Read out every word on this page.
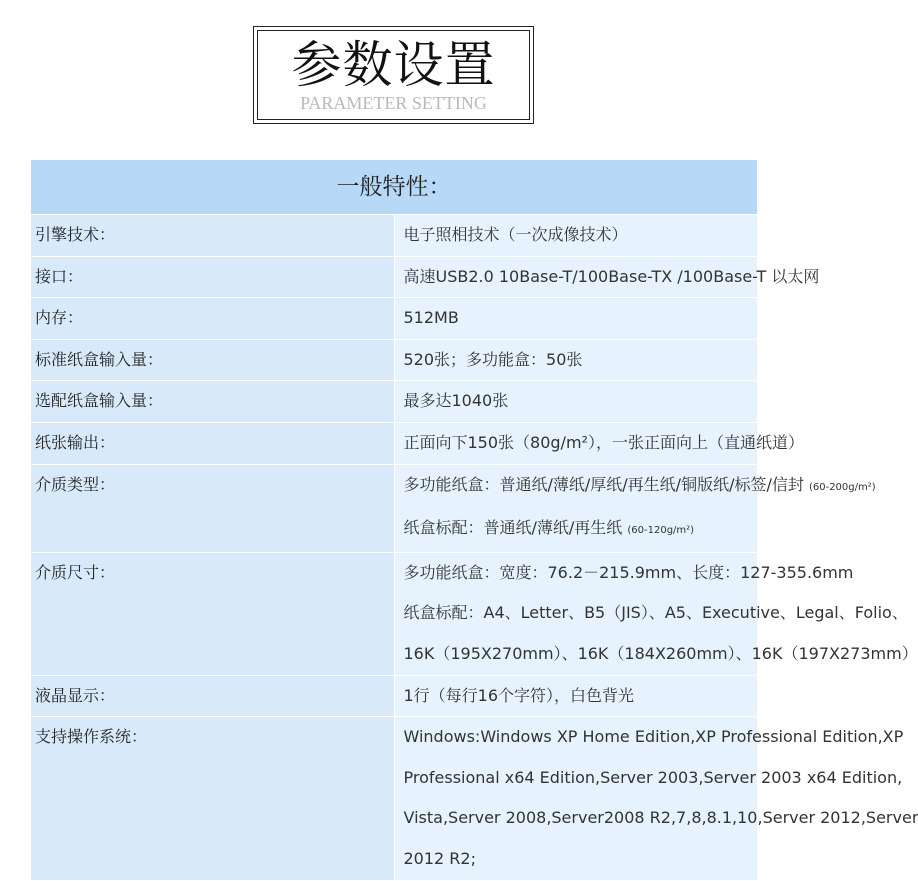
参数设置
PARAMETER SETTING
一般特性：	

引擎技术：	电子照相技术（一次成像技术）

接口：	高速USB2.0 10Base-T/100Base-TX /100Base-T 以太网

内存：	512MB

标准纸盒输入量：	520张；多功能盒：50张

选配纸盒输入量：	最多达1040张

纸张输出：	正面向下150张（80g/m²），一张正面向上（直通纸道）

介质类型：	多功能纸盒：普通纸/薄纸/厚纸/再生纸/铜版纸/标签/信封 (60-200g/m²)
纸盒标配：普通纸/薄纸/再生纸 (60-120g/m²)

介质尺寸：	多功能纸盒：宽度：76.2－215.9mm、长度：127-355.6mm
纸盒标配：A4、Letter、B5（JIS）、A5、Executive、Legal、Folio、
16K（195X270mm）、16K（184X260mm）、16K（197X273mm）

液晶显示：	1行（每行16个字符），白色背光

支持操作系统：	Windows:Windows XP Home Edition,XP Professional Edition,XP
Professional x64 Edition,Server 2003,Server 2003 x64 Edition,
Vista,Server 2008,Server2008 R2,7,8,8.1,10,Server 2012,Server
2012 R2;
